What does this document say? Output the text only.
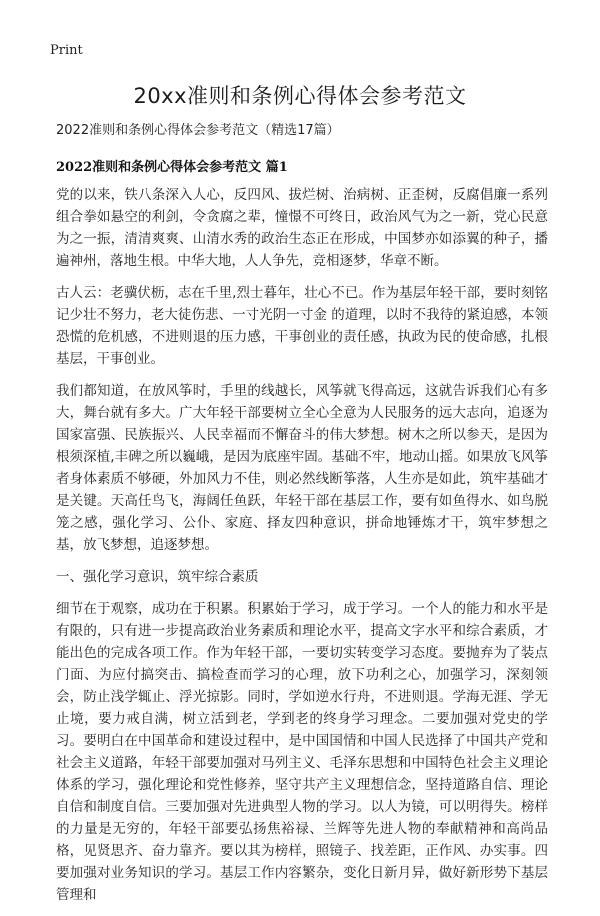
Print
20xx准则和条例心得体会参考范文

2022准则和条例心得体会参考范文（精选17篇）

2022准则和条例心得体会参考范文 篇1

党的以来，铁八条深入人心，反四风、拔烂树、治病树、正歪树，反腐倡廉一系列组合拳如悬空的利剑，令贪腐之辈，憧憬不可终日，政治风气为之一新，党心民意为之一振，清清爽爽、山清水秀的政治生态正在形成，中国梦亦如添翼的种子，播遍神州，落地生根。中华大地，人人争先，竞相逐梦，华章不断。

古人云：老骥伏枥，志在千里,烈士暮年，壮心不已。作为基层年轻干部，要时刻铭记少壮不努力，老大徒伤悲、一寸光阴一寸金 的道理，以时不我待的紧迫感，本领恐慌的危机感，不进则退的压力感，干事创业的责任感，执政为民的使命感，扎根基层，干事创业。

我们都知道，在放风筝时，手里的线越长，风筝就飞得高远，这就告诉我们心有多大，舞台就有多大。广大年轻干部要树立全心全意为人民服务的远大志向，追逐为国家富强、民族振兴、人民幸福而不懈奋斗的伟大梦想。树木之所以参天，是因为根须深植,丰碑之所以巍峨，是因为底座牢固。基础不牢，地动山摇。如果放飞风筝者身体素质不够硬，外加风力不佳，则必然线断筝落，人生亦是如此，筑牢基础才是关键。天高任鸟飞，海阔任鱼跃，年轻干部在基层工作，要有如鱼得水、如鸟脱笼之感，强化学习、公仆、家庭、择友四种意识，拼命地锤炼才干，筑牢梦想之基，放飞梦想，追逐梦想。

一、强化学习意识，筑牢综合素质

细节在于观察，成功在于积累。积累始于学习，成于学习。一个人的能力和水平是有限的，只有进一步提高政治业务素质和理论水平，提高文字水平和综合素质，才能出色的完成各项工作。作为年轻干部，一要切实转变学习态度。要抛弃为了装点门面、为应付搞突击、搞检查而学习的心理，放下功利之心，加强学习，深刻领会，防止浅学辄止、浮光掠影。同时，学如逆水行舟，不进则退。学海无涯、学无止境，要力戒自满，树立活到老，学到老的终身学习理念。二要加强对党史的学习。要明白在中国革命和建设过程中，是中国国情和中国人民选择了中国共产党和社会主义道路，年轻干部要加强对马列主义、毛泽东思想和中国特色社会主义理论体系的学习，强化理论和党性修养，坚守共产主义理想信念，坚持道路自信、理论自信和制度自信。三要加强对先进典型人物的学习。以人为镜，可以明得失。榜样的力量是无穷的，年轻干部要弘扬焦裕禄、兰辉等先进人物的奉献精神和高尚品格，见贤思齐、奋力靠齐。要以其为榜样，照镜子、找差距，正作风、办实事。四要加强对业务知识的学习。基层工作内容繁杂，变化日新月异，做好新形势下基层管理和
